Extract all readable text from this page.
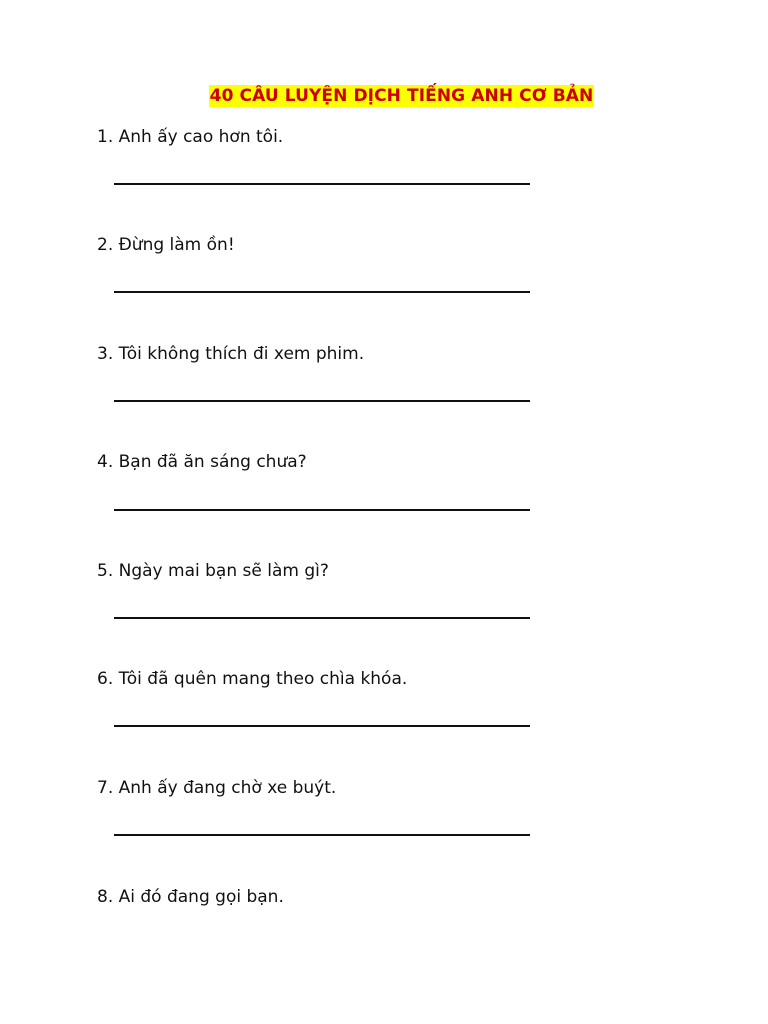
40 CÂU LUYỆN DỊCH TIẾNG ANH CƠ BẢN
1. Anh ấy cao hơn tôi.
2. Đừng làm ồn!
3. Tôi không thích đi xem phim.
4. Bạn đã ăn sáng chưa?
5. Ngày mai bạn sẽ làm gì?
6. Tôi đã quên mang theo chìa khóa.
7. Anh ấy đang chờ xe buýt.
8. Ai đó đang gọi bạn.
